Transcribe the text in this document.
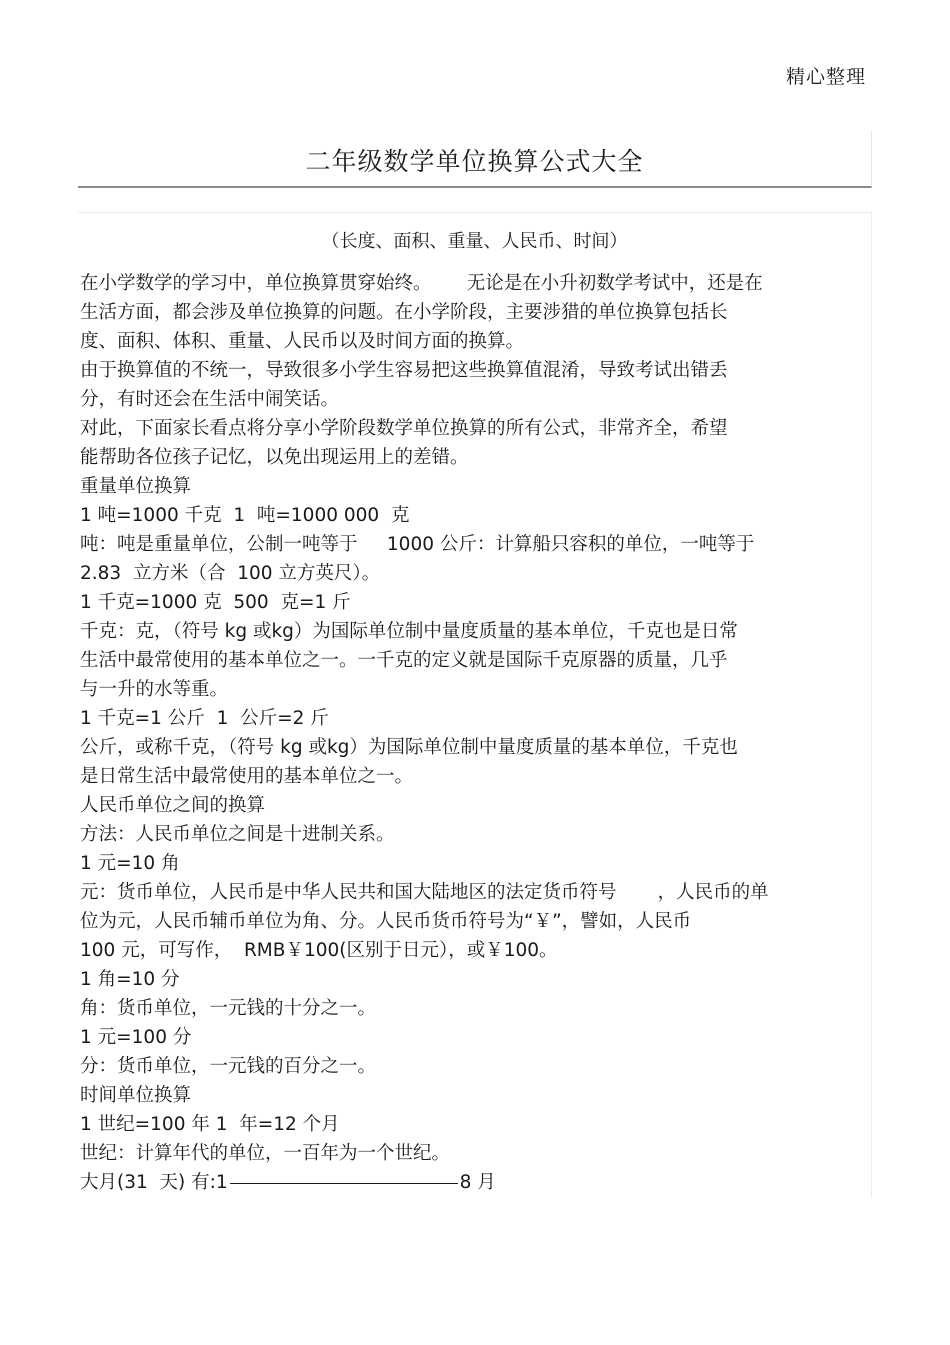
精心整理
二年级数学单位换算公式大全
（长度、面积、重量、人民币、时间）
在小学数学的学习中，单位换算贯穿始终。      无论是在小升初数学考试中，还是在
生活方面，都会涉及单位换算的问题。在小学阶段，主要涉猎的单位换算包括长
度、面积、体积、重量、人民币以及时间方面的换算。
由于换算值的不统一，导致很多小学生容易把这些换算值混淆，导致考试出错丢
分，有时还会在生活中闹笑话。
对此，下面家长看点将分享小学阶段数学单位换算的所有公式，非常齐全，希望
能帮助各位孩子记忆，以免出现运用上的差错。
重量单位换算
1 吨=1000 千克  1  吨=1000 000  克
吨：吨是重量单位，公制一吨等于     1000 公斤：计算船只容积的单位，一吨等于
2.83  立方米（合  100 立方英尺）。
1 千克=1000 克  500  克=1 斤
千克：克，（符号 kg 或kg）为国际单位制中量度质量的基本单位，千克也是日常
生活中最常使用的基本单位之一。一千克的定义就是国际千克原器的质量，几乎
与一升的水等重。
1 千克=1 公斤  1  公斤=2 斤
公斤，或称千克，（符号 kg 或kg）为国际单位制中量度质量的基本单位，千克也
是日常生活中最常使用的基本单位之一。
人民币单位之间的换算
方法：人民币单位之间是十进制关系。
1 元=10 角
元：货币单位，人民币是中华人民共和国大陆地区的法定货币符号       ，人民币的单
位为元，人民币辅币单位为角、分。人民币货币符号为“￥”，譬如，人民币
100 元，可写作，  RMB￥100(区别于日元），或￥100。
1 角=10 分
角：货币单位，一元钱的十分之一。
1 元=100 分
分：货币单位，一元钱的百分之一。
时间单位换算
1 世纪=100 年 1  年=12 个月
世纪：计算年代的单位，一百年为一个世纪。
大月(31  天) 有:1	8 月
